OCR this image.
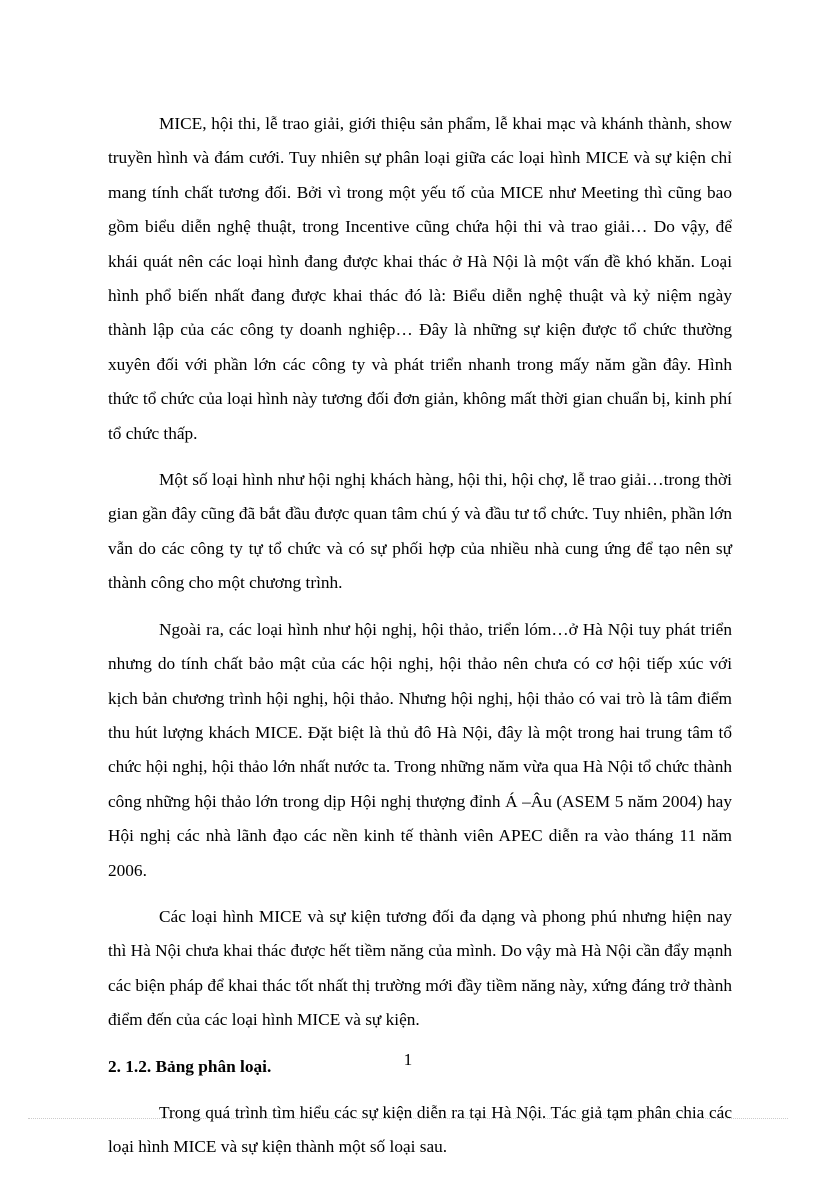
MICE, hội thi, lễ trao giải, giới thiệu sản phẩm, lễ khai mạc và khánh thành, show truyền hình và đám cưới. Tuy nhiên sự phân loại giữa các loại hình MICE và sự kiện chỉ mang tính chất tương đối. Bởi vì trong một yếu tố của MICE như Meeting thì cũng bao gồm biểu diễn nghệ thuật, trong Incentive cũng chứa hội thi và trao giải… Do vậy, để khái quát nên các loại hình đang được khai thác ở Hà Nội là một vấn đề khó khăn. Loại hình phổ biến nhất đang được khai thác đó là: Biểu diễn nghệ thuật và kỷ niệm ngày thành lập của các công ty doanh nghiệp… Đây là những sự kiện được tổ chức thường xuyên đối với phần lớn các công ty và phát triển nhanh trong mấy năm gần đây. Hình thức tổ chức của loại hình này tương đối đơn giản, không mất thời gian chuẩn bị, kinh phí tổ chức thấp.

Một số loại hình như hội nghị khách hàng, hội thi, hội chợ, lễ trao giải…trong thời gian gần đây cũng đã bắt đầu được quan tâm chú ý và đầu tư tổ chức. Tuy nhiên, phần lớn vẫn do các công ty tự tổ chức và có sự phối hợp của nhiều nhà cung ứng để tạo nên sự thành công cho một chương trình.

Ngoài ra, các loại hình như hội nghị, hội thảo, triển lóm…ở Hà Nội tuy phát triển nhưng do tính chất bảo mật của các hội nghị, hội thảo nên chưa có cơ hội tiếp xúc với kịch bản chương trình hội nghị, hội thảo. Nhưng hội nghị, hội thảo có vai trò là tâm điểm thu hút lượng khách MICE. Đặt biệt là thủ đô Hà Nội, đây là một trong hai trung tâm tổ chức hội nghị, hội thảo lớn nhất nước ta. Trong những năm vừa qua Hà Nội tổ chức thành công những hội thảo lớn trong dịp Hội nghị thượng đỉnh Á –Âu (ASEM 5 năm 2004) hay Hội nghị các nhà lãnh đạo các nền kinh tế thành viên APEC diễn ra vào tháng 11 năm 2006.

Các loại hình MICE và sự kiện tương đối đa dạng và phong phú nhưng hiện nay thì Hà Nội chưa khai thác được hết tiềm năng của mình. Do vậy mà Hà Nội cần đẩy mạnh các biện pháp để khai thác tốt nhất thị trường mới đầy tiềm năng này, xứng đáng trở thành điểm đến của các loại hình MICE và sự kiện.

2. 1.2. Bảng phân loại.

Trong quá trình tìm hiểu các sự kiện diễn ra tại Hà Nội. Tác giả tạm phân chia các loại hình MICE và sự kiện thành một số loại sau.

1
